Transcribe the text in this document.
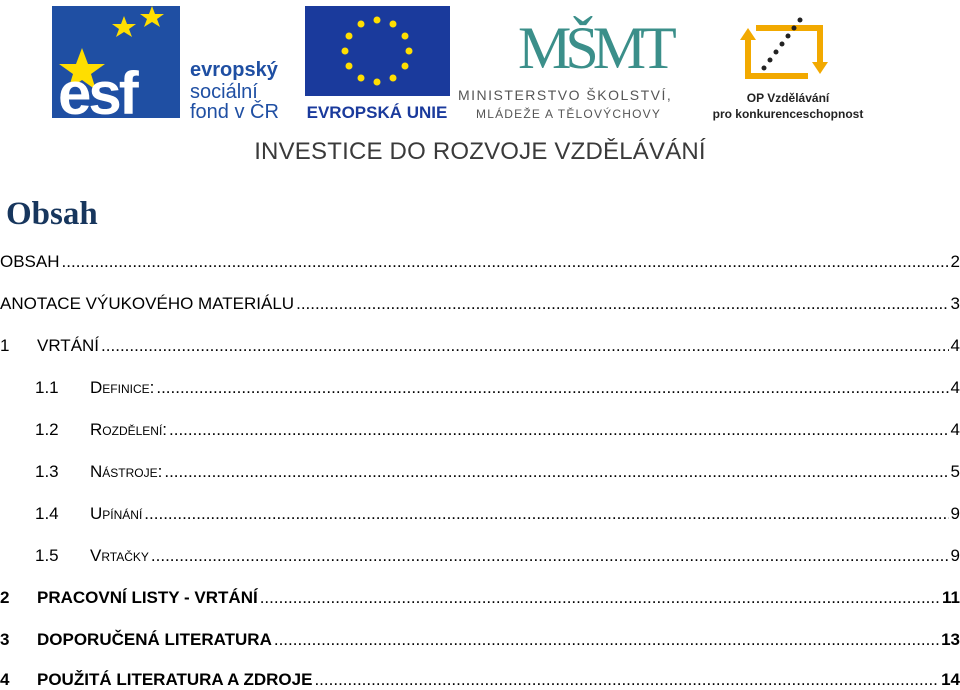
esf	evropský
sociální
fond v ČR EVROPSKÁ UNIE
MŠMT
MINISTERSTVO ŠKOLSTVÍ,
MLÁDEŽE A TĚLOVÝCHOVY
OP Vzdělávání
pro konkurenceschopnost
INVESTICE DO ROZVOJE VZDĚLÁVÁNÍ
Obsah
OBSAH .....	2
ANOTACE VÝUKOVÉHO MATERIÁLU .....	3
1	VRTÁNÍ .....	4
1.1	Definice: .....	4
1.2	Rozdělení: .....	4
1.3	Nástroje: .....	5
1.4	Upínání .....	9
1.5	Vrtačky .....	9
2	PRACOVNÍ LISTY - VRTÁNÍ .....	11
3	DOPORUČENÁ LITERATURA .....	13
4	POUŽITÁ LITERATURA A ZDROJE .....	14
